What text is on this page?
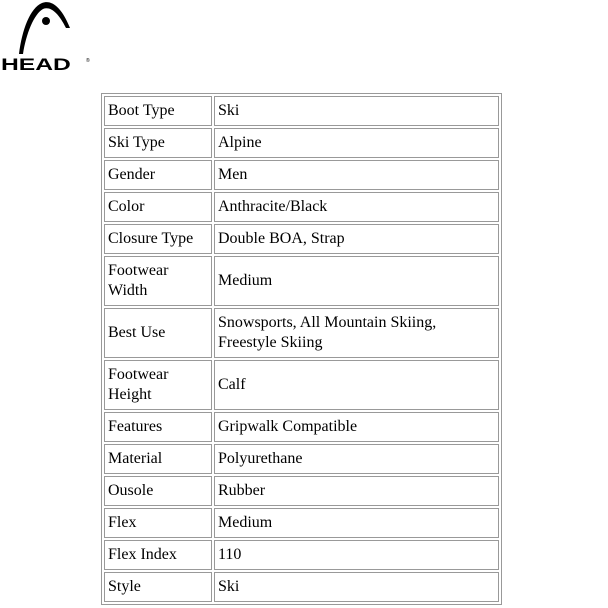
HEAD	®
Boot Type	Ski
Ski Type	Alpine
Gender	Men
Color	Anthracite/Black
Closure Type	Double BOA, Strap
Footwear Width	Medium
Best Use	Snowsports, All Mountain Skiing, Freestyle Skiing
Footwear Height	Calf
Features	Gripwalk Compatible
Material	Polyurethane
Ousole	Rubber
Flex	Medium
Flex Index	110
Style	Ski
